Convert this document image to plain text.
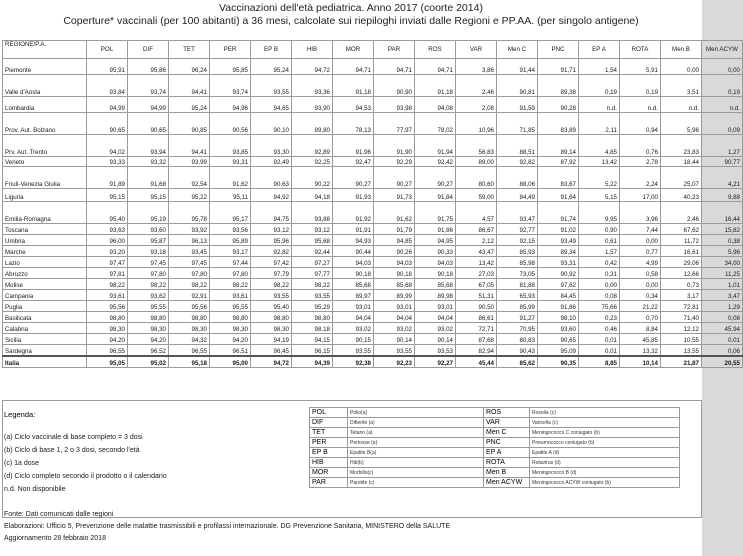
Vaccinazioni dell'età pediatrica. Anno 2017 (coorte 2014)
Coperture* vaccinali (per 100 abitanti) a 36 mesi, calcolate sui riepiloghi inviati dalle Regioni e PP.AA. (per singolo antigene)
REGIONE/P.A.	POL	DIF	TET	PER	EP B	HIB	MOR	PAR	ROS	VAR	Men C	PNC	EP A	ROTA	Men B	Men ACYW
Piemonte	95,91	95,86	96,24	95,85	95,24	94,72	94,71	94,71	94,71	3,86	91,44	91,71	1,54	5,91	0,00	0,00
Valle d'Aosta	93,84	93,74	94,41	93,74	93,55	93,36	91,18	90,90	91,18	2,46	90,81	89,38	0,19	0,19	3,51	0,19
Lombardia	94,99	94,99	95,24	94,96	94,65	93,90	94,53	93,98	94,08	2,08	91,59	90,28	n.d.	n.d.	n.d.	n.d.
Prov. Aut. Bolzano	90,65	90,65	90,85	90,56	90,10	89,80	78,13	77,97	78,02	10,96	71,85	83,89	2,11	0,94	5,96	0,09
Prv. Aut. Trento	94,02	93,94	94,41	93,85	93,30	92,89	91,96	91,90	91,94	56,83	88,51	89,14	4,85	0,76	23,83	1,27
Veneto	93,33	93,32	93,99	93,31	92,49	92,25	92,47	92,29	92,42	89,00	92,82	87,92	13,42	2,78	18,44	90,77
Friuli-Venezia Giulia	91,89	91,68	92,54	91,62	90,63	90,22	90,27	90,27	90,27	80,60	88,06	83,67	5,22	2,24	25,07	4,21
Liguria	95,15	95,15	95,22	95,11	94,92	94,18	91,93	91,73	91,84	59,00	84,49	91,64	5,15	17,00	40,23	9,88
Emilia-Romagna	95,40	95,19	95,78	95,17	94,75	93,88	91,92	91,62	91,75	4,57	93,47	91,74	9,95	3,96	2,46	16,44
Toscana	93,63	93,60	93,92	93,56	93,12	93,12	91,91	91,79	91,86	86,67	92,77	91,02	0,90	7,44	67,62	15,82
Umbria	96,00	95,87	96,13	95,89	95,96	95,68	94,93	94,85	94,95	2,12	92,15	93,49	0,61	0,00	11,72	0,38
Marche	93,20	93,18	93,45	93,17	92,82	92,44	90,44	90,26	90,33	43,47	85,93	89,34	1,57	0,77	16,61	5,96
Lazio	97,47	97,45	97,45	97,44	97,42	97,27	94,03	94,03	94,03	13,42	85,98	93,31	0,42	4,99	29,06	34,00
Abruzzo	97,81	97,80	97,80	97,80	97,79	97,77	90,18	90,18	90,18	27,03	73,05	90,92	0,31	0,58	12,66	11,25
Molise	98,22	98,22	98,22	98,22	98,22	98,22	85,68	85,68	85,68	67,05	81,88	97,62	0,00	0,00	0,73	1,01
Campania	93,61	93,62	92,91	93,61	93,55	93,55	89,97	89,99	89,98	51,31	65,93	84,45	0,08	0,34	3,17	3,47
Puglia	95,56	95,55	95,56	95,55	95,40	95,29	93,01	93,01	93,01	90,50	85,99	91,86	75,66	21,22	72,81	1,29
Basilicata	98,80	98,80	98,80	98,80	98,80	98,80	94,04	94,04	94,04	86,61	91,27	98,10	0,23	0,70	71,40	0,08
Calabria	98,30	98,30	98,30	98,30	98,30	98,18	93,02	93,02	93,02	72,71	70,95	93,60	0,46	8,84	12,12	45,94
Sicilia	94,20	94,20	94,32	94,20	94,19	94,15	90,15	90,14	90,14	87,68	80,83	90,65	0,01	45,85	10,55	0,01
Sardegna	96,55	96,52	96,55	96,51	96,45	96,15	93,55	93,55	93,53	82,94	90,43	95,09	0,01	13,32	13,55	0,06
Italia	95,05	95,02	95,18	95,00	94,72	94,39	92,38	92,23	92,27	45,44	85,62	90,35	8,85	10,14	21,87	20,55
Legenda:
(a) Ciclo vaccinale di base completo = 3 dosi
(b) Ciclo di base 1, 2 o 3 dosi, secondo l'età
(c) 1a dose
(d) Ciclo completo secondo il prodotto o il calendario
n.d. Non disponibile
POL	Polio(a)	ROS	Rosolia (c)
DIF	Difterite (a)	VAR	Varicella (c)
TET	Tetano (a)	Men C	Meningococco C coniugato (b)
PER	Pertosse (a)	PNC	Pneumococco coniugato (b)
EP B	Epatite B(a)	EP A	Epatite A (d)
HIB	Hib(b)	ROTA	Rotavirus (d)
MOR	Morbillo(c)	Men B	Meningococco B (d)
PAR	Parotite (c)	Men ACYW	Meningococco ACYW coniugato (b)
Fonte: Dati comunicati dalle regioni
Elaborazioni: Ufficio 5, Prevenzione delle malattie trasmissibili e profilassi internazionale. DG Prevenzione Sanitaria, MINISTERO della SALUTE
Aggiornamento 28 febbraio 2018
